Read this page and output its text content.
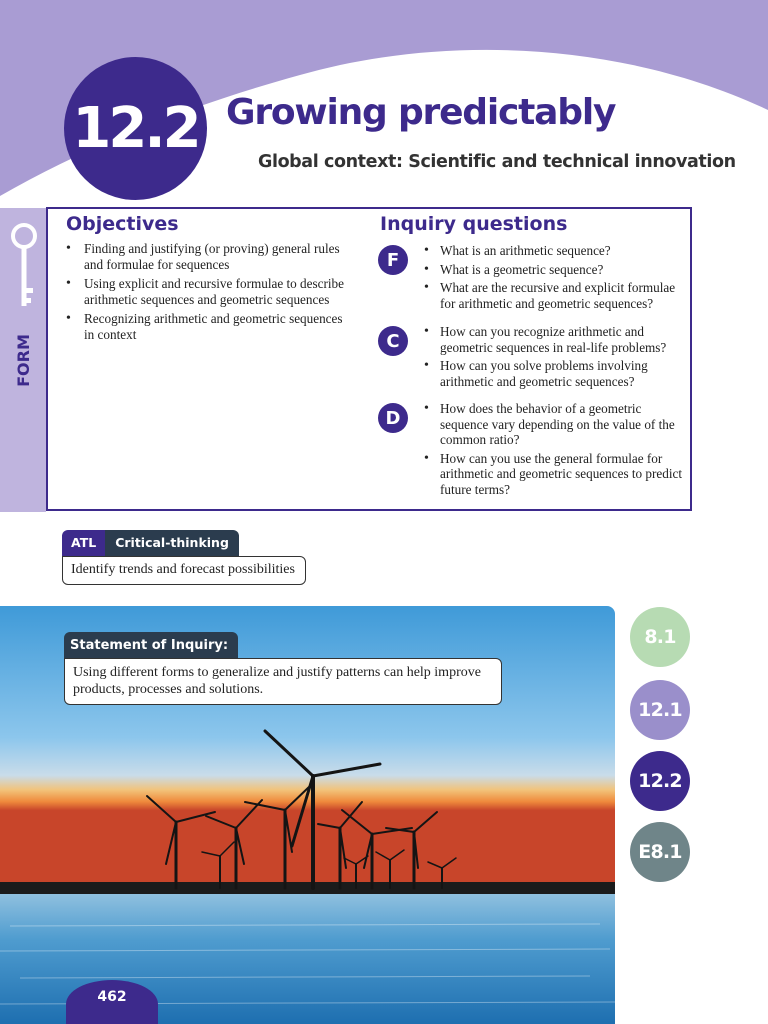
12.2 Growing predictably
Global context: Scientific and technical innovation
FORM
Objectives
• Finding and justifying (or proving) general rules and formulae for sequences
• Using explicit and recursive formulae to describe arithmetic sequences and geometric sequences
• Recognizing arithmetic and geometric sequences in context
Inquiry questions
F	• What is an arithmetic sequence?
• What is a geometric sequence?
• What are the recursive and explicit formulae for arithmetic and geometric sequences?
C	• How can you recognize arithmetic and geometric sequences in real-life problems?
• How can you solve problems involving arithmetic and geometric sequences?
D	• How does the behavior of a geometric sequence vary depending on the value of the common ratio?
• How can you use the general formulae for arithmetic and geometric sequences to predict future terms?
ATL	Critical-thinking
Identify trends and forecast possibilities
Statement of Inquiry:
Using different forms to generalize and justify patterns can help improve products, processes and solutions.
462
8.1
12.1
12.2
E8.1
